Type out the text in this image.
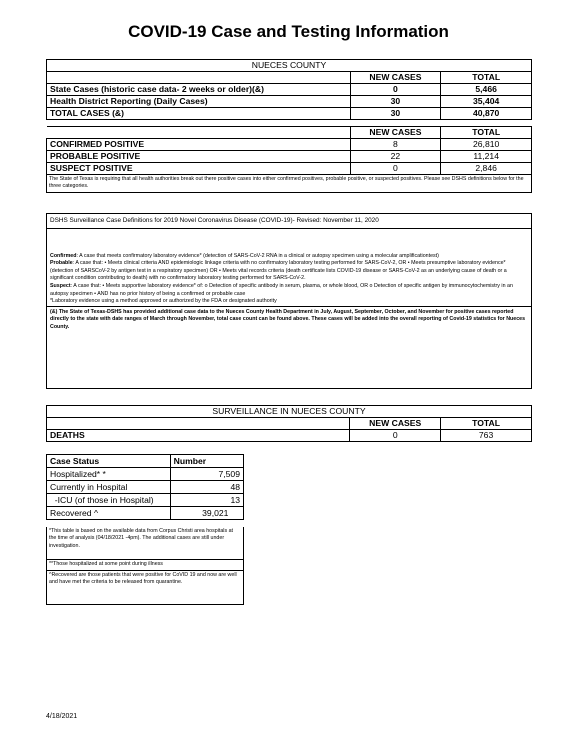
COVID-19 Case and Testing Information
NUECES COUNTY		
	NEW CASES	TOTAL
State Cases (historic case data- 2 weeks or older)(&)	0	5,466
Health District Reporting (Daily Cases)	30	35,404
TOTAL CASES (&)	30	40,870

	NEW CASES	TOTAL
CONFIRMED POSITIVE	8	26,810
PROBABLE POSITIVE	22	11,214
SUSPECT POSITIVE	0	2,846
The State of Texas is requiring that all health authorities break out there positive cases into either confirmed positives, probable positive, or suspected positives. Please see DSHS definitions below for the three categories.		
DSHS Surveillance Case Definitions for 2019 Novel Coronavirus Disease (COVID-19)- Revised: November 11, 2020

Confirmed: A case that meets confirmatory laboratory evidence* (detection of SARS-CoV-2 RNA in a clinical or autopsy specimen using a molecular amplificationtest)

Probable: A case that: • Meets clinical criteria AND epidemiologic linkage criteria with no confirmatory laboratory testing performed for SARS-CoV-2, OR • Meets presumptive laboratory evidence* (detection of SARSCoV-2 by antigen test in a respiratory specimen) OR • Meets vital records criteria (death certificate lists COVID-19 disease or SARS-CoV-2 as an underlying cause of death or a significant condition contributing to death) with no confirmatory laboratory testing performed for SARS-CoV-2.

Suspect: A case that: • Meets supportive laboratory evidence* of: o Detection of specific antibody in serum, plasma, or whole blood, OR o Detection of specific antigen by immunocytochemistry in an autopsy specimen • AND has no prior history of being a confirmed or probable case

*Laboratory evidence using a method approved or authorized by the FDA or designated authority

(&) The State of Texas-DSHS has provided additional case data to the Nueces County Health Department in July, August, September, October, and November for positive cases reported directly to the state with date ranges of March through November, total case count can be found above. These cases will be added into the overall reporting of Covid-19 statistics for Nueces County.
SURVEILLANCE IN NUECES COUNTY		
	NEW CASES	TOTAL
DEATHS	0	763
Case Status	Number
Hospitalized* *	7,509
Currently in Hospital	48
-ICU (of those in Hospital)	13
Recovered ^	39,021
*This table is based on the available data from Corpus Christi area hospitals at the time of analysis (04/18/2021 -4pm). The additional cases are still under investigation.
**Those hospitalized at some point during illness
^Recovered are those patients that were positive for CoVID 19 and now are well and have met the criteria to be released from quarantine.
4/18/2021
